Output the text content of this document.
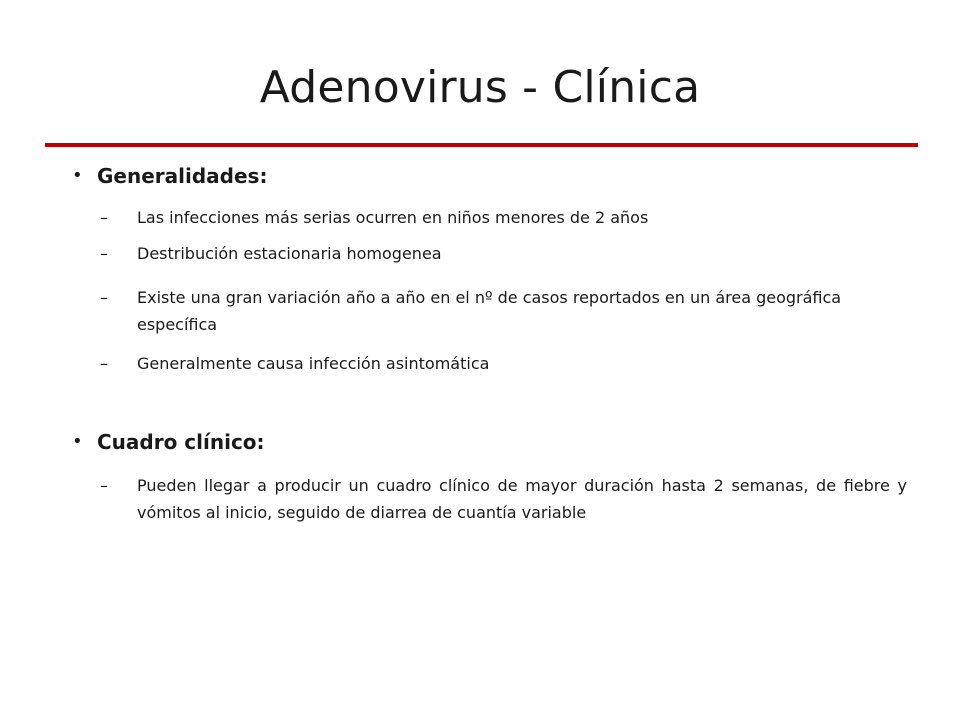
Adenovirus - Clínica
• Generalidades:
– Las infecciones más serias ocurren en niños menores de 2 años
– Destribución estacionaria homogenea
– Existe una gran variación año a año en el nº de casos reportados en un área geográfica específica
– Generalmente causa infección asintomática
• Cuadro clínico:
– Pueden llegar a producir un cuadro clínico de mayor duración hasta 2 semanas, de fiebre y vómitos al inicio, seguido de diarrea de cuantía variable
